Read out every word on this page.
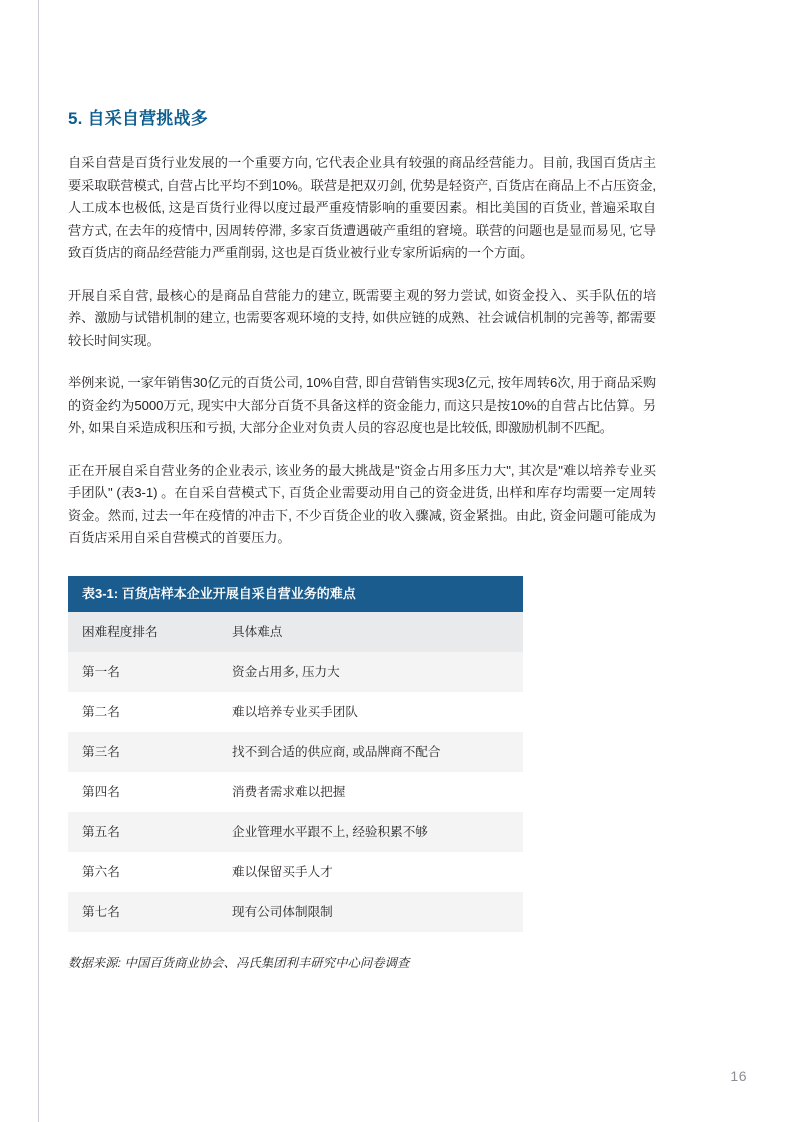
5. 自采自营挑战多

自采自营是百货行业发展的一个重要方向, 它代表企业具有较强的商品经营能力。目前, 我国百货店主要采取联营模式, 自营占比平均不到10%。联营是把双刃剑, 优势是轻资产, 百货店在商品上不占压资金, 人工成本也极低, 这是百货行业得以度过最严重疫情影响的重要因素。相比美国的百货业, 普遍采取自营方式, 在去年的疫情中, 因周转停滞, 多家百货遭遇破产重组的窘境。联营的问题也是显而易见, 它导致百货店的商品经营能力严重削弱, 这也是百货业被行业专家所诟病的一个方面。

开展自采自营, 最核心的是商品自营能力的建立, 既需要主观的努力尝试, 如资金投入、买手队伍的培养、激励与试错机制的建立, 也需要客观环境的支持, 如供应链的成熟、社会诚信机制的完善等, 都需要较长时间实现。

举例来说, 一家年销售30亿元的百货公司, 10%自营, 即自营销售实现3亿元, 按年周转6次, 用于商品采购的资金约为5000万元, 现实中大部分百货不具备这样的资金能力, 而这只是按10%的自营占比估算。另外, 如果自采造成积压和亏损, 大部分企业对负责人员的容忍度也是比较低, 即激励机制不匹配。

正在开展自采自营业务的企业表示, 该业务的最大挑战是"资金占用多压力大", 其次是"难以培养专业买手团队" (表3-1) 。在自采自营模式下, 百货企业需要动用自己的资金进货, 出样和库存均需要一定周转资金。然而, 过去一年在疫情的冲击下, 不少百货企业的收入骤减, 资金紧拙。由此, 资金问题可能成为百货店采用自采自营模式的首要压力。

表3-1: 百货店样本企业开展自采自营业务的难点
困难程度排名	具体难点
第一名	资金占用多, 压力大
第二名	难以培养专业买手团队
第三名	找不到合适的供应商, 或品牌商不配合
第四名	消费者需求难以把握
第五名	企业管理水平跟不上, 经验积累不够
第六名	难以保留买手人才
第七名	现有公司体制限制
数据来源: 中国百货商业协会、冯氏集团利丰研究中心问卷调查
16
